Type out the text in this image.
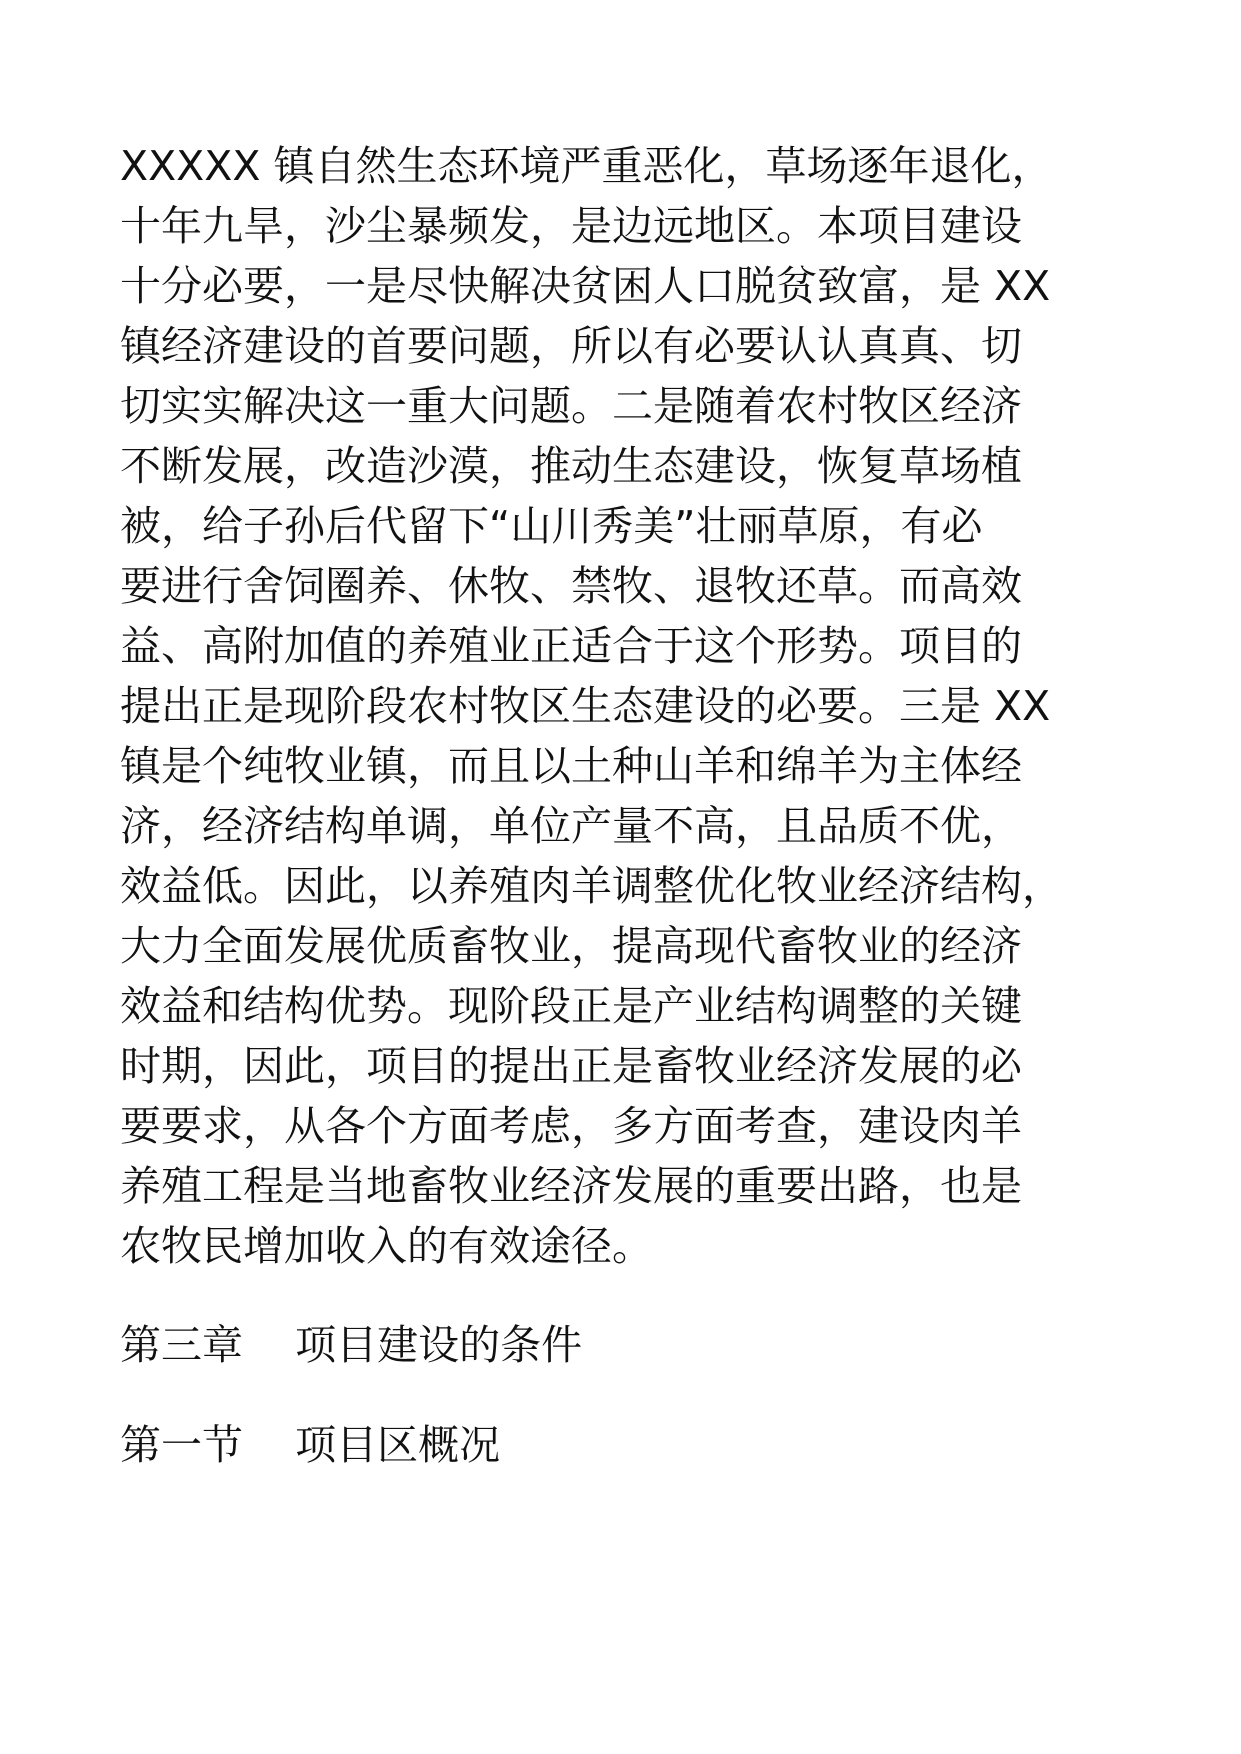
XXXXX 镇自然生态环境严重恶化，草场逐年退化，
十年九旱，沙尘暴频发，是边远地区。本项目建设
十分必要，一是尽快解决贫困人口脱贫致富，是 XX
镇经济建设的首要问题，所以有必要认认真真、切
切实实解决这一重大问题。二是随着农村牧区经济
不断发展，改造沙漠，推动生态建设，恢复草场植
被，给子孙后代留下“山川秀美”壮丽草原，有必
要进行舍饲圈养、休牧、禁牧、退牧还草。而高效
益、高附加值的养殖业正适合于这个形势。项目的
提出正是现阶段农村牧区生态建设的必要。三是 XX
镇是个纯牧业镇，而且以土种山羊和绵羊为主体经
济，经济结构单调，单位产量不高，且品质不优，
效益低。因此，以养殖肉羊调整优化牧业经济结构，
大力全面发展优质畜牧业，提高现代畜牧业的经济
效益和结构优势。现阶段正是产业结构调整的关键
时期，因此，项目的提出正是畜牧业经济发展的必
要要求，从各个方面考虑，多方面考查，建设肉羊
养殖工程是当地畜牧业经济发展的重要出路，也是
农牧民增加收入的有效途径。
第三章    项目建设的条件
第一节    项目区概况
